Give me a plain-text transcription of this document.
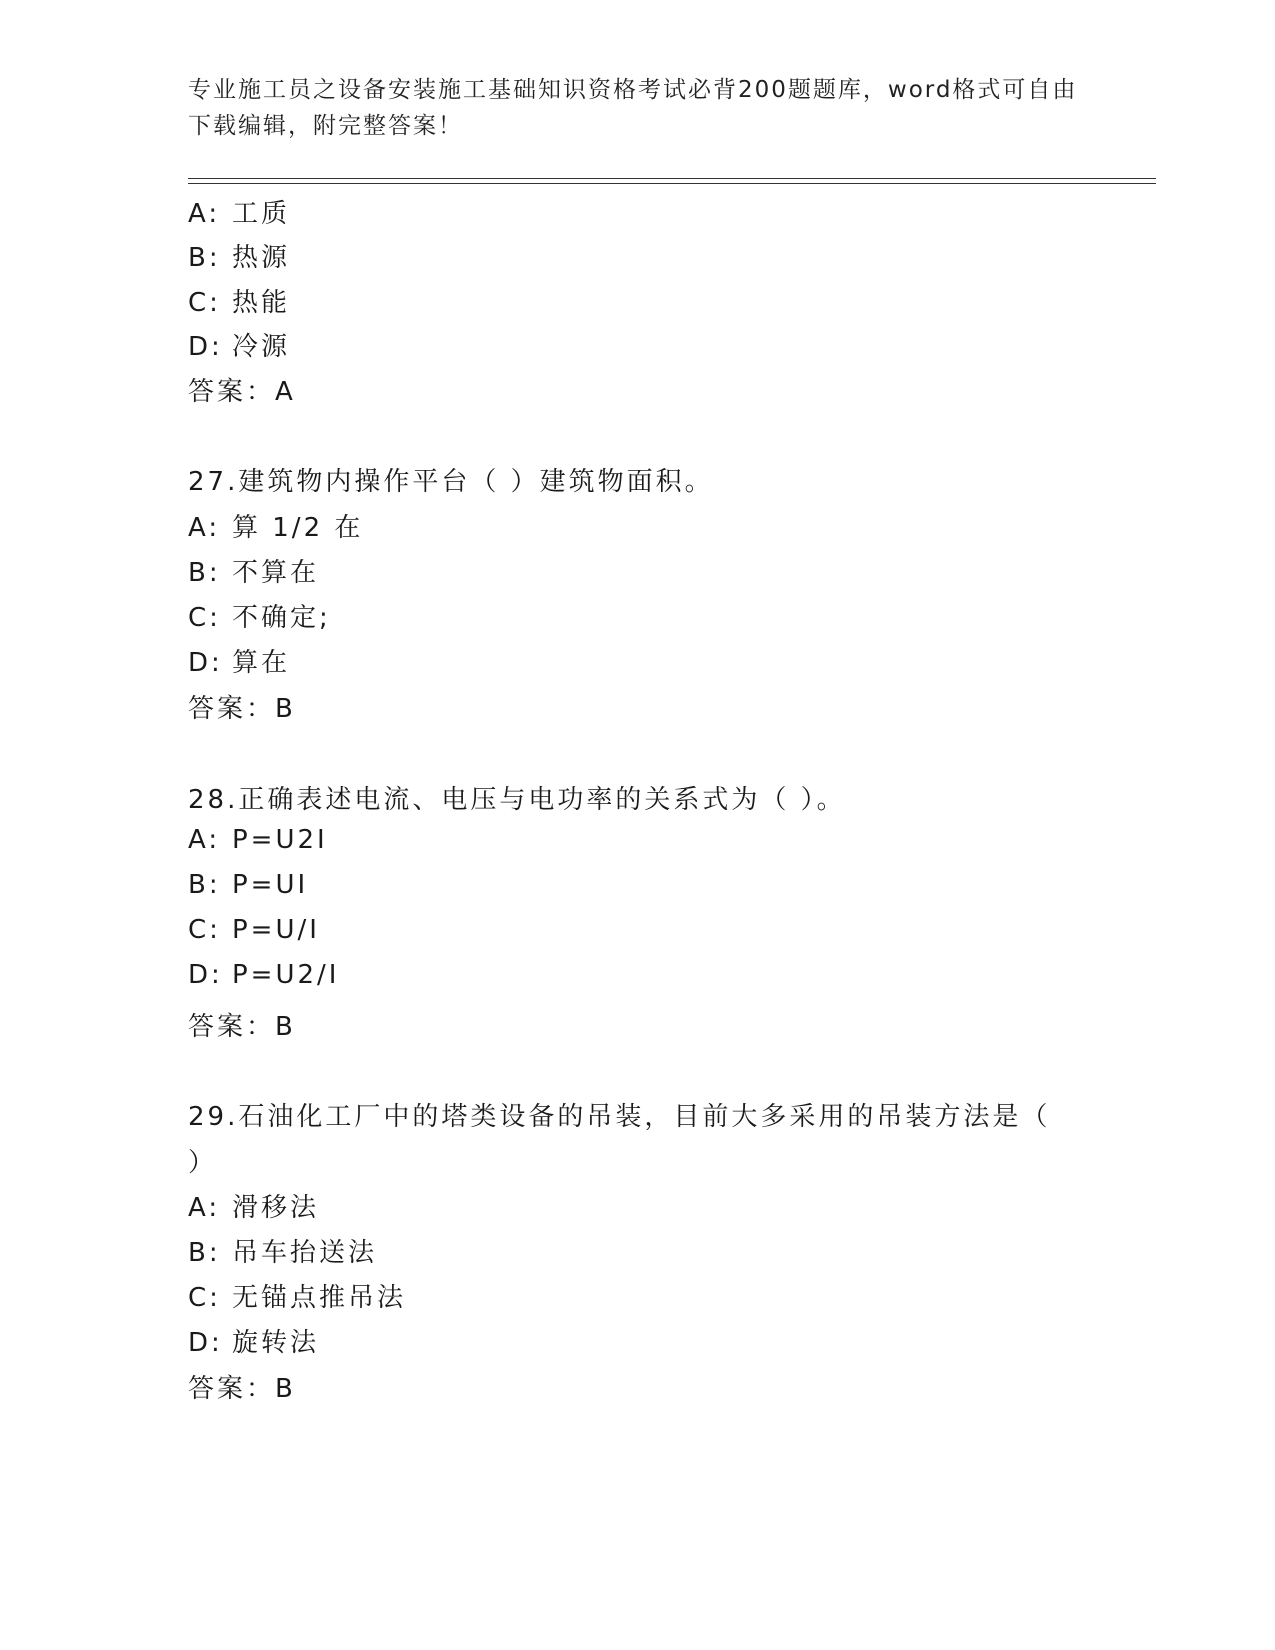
专业施工员之设备安装施工基础知识资格考试必背200题题库，word格式可自由
下载编辑，附完整答案！
A: 工质
B: 热源
C: 热能
D: 冷源
答案：A
27.建筑物内操作平台（ ）建筑物面积。
A: 算 1/2 在
B: 不算在
C: 不确定;
D: 算在
答案：B
28.正确表述电流、电压与电功率的关系式为（ ）。
A: P=U2I
B: P=UI
C: P=U/I
D: P=U2/I
答案：B
29.石油化工厂中的塔类设备的吊装，目前大多采用的吊装方法是（
）
A: 滑移法
B: 吊车抬送法
C: 无锚点推吊法
D: 旋转法
答案：B
